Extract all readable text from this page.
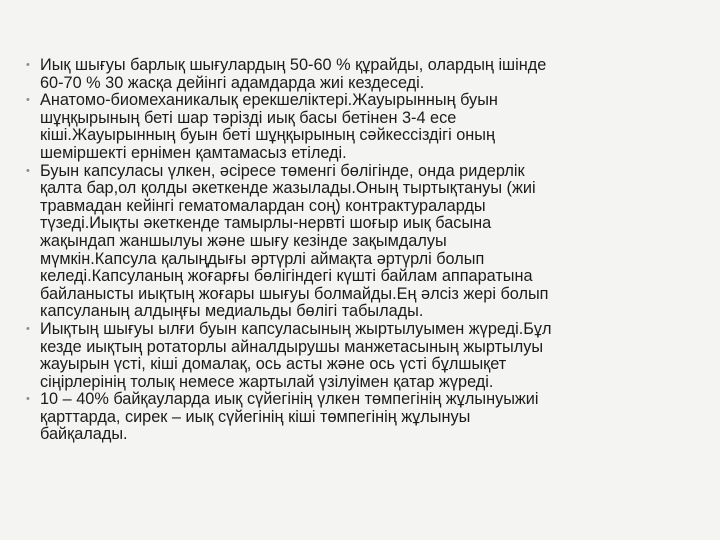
• Иық шығуы барлық шығулардың 50-60 % құрайды, олардың ішінде
60-70 % 30 жасқа дейінгі адамдарда жиі кездеседі.
• Анатомо-биомеханикалық ерекшеліктері.Жауырынның буын
шұңқырының беті шар тәрізді иық басы бетінен 3-4 есе
кіші.Жауырынның буын беті шұңқырының сәйкессіздігі оның
шеміршекті ернімен қамтамасыз етіледі.
• Буын капсуласы үлкен, әсіресе төменгі бөлігінде, онда ридерлік
қалта бар,ол қолды әкеткенде жазылады.Оның тыртықтануы (жиі
травмадан кейінгі гематомалардан соң) контрактураларды
түзеді.Иықты әкеткенде тамырлы-нервті шоғыр иық басына
жақындап жаншылуы және шығу кезінде зақымдалуы
мүмкін.Капсула қалыңдығы әртүрлі аймақта әртүрлі болып
келеді.Капсуланың жоғарғы бөлігіндегі күшті байлам аппаратына
байланысты иықтың жоғары шығуы болмайды.Ең әлсіз жері болып
капсуланың алдыңғы медиальды бөлігі табылады.
• Иықтың шығуы ылғи буын капсуласының жыртылуымен жүреді.Бұл
кезде иықтың ротаторлы айналдырушы манжетасының жыртылуы
жауырын үсті, кіші домалақ, ось асты және ось үсті бұлшықет
сіңірлерінің толық немесе жартылай үзілуімен қатар жүреді.
• 10 – 40% байқауларда иық сүйегінің үлкен төмпегінің жұлынуыжиі
қарттарда, сирек – иық сүйегінің кіші төмпегінің жұлынуы
байқалады.
